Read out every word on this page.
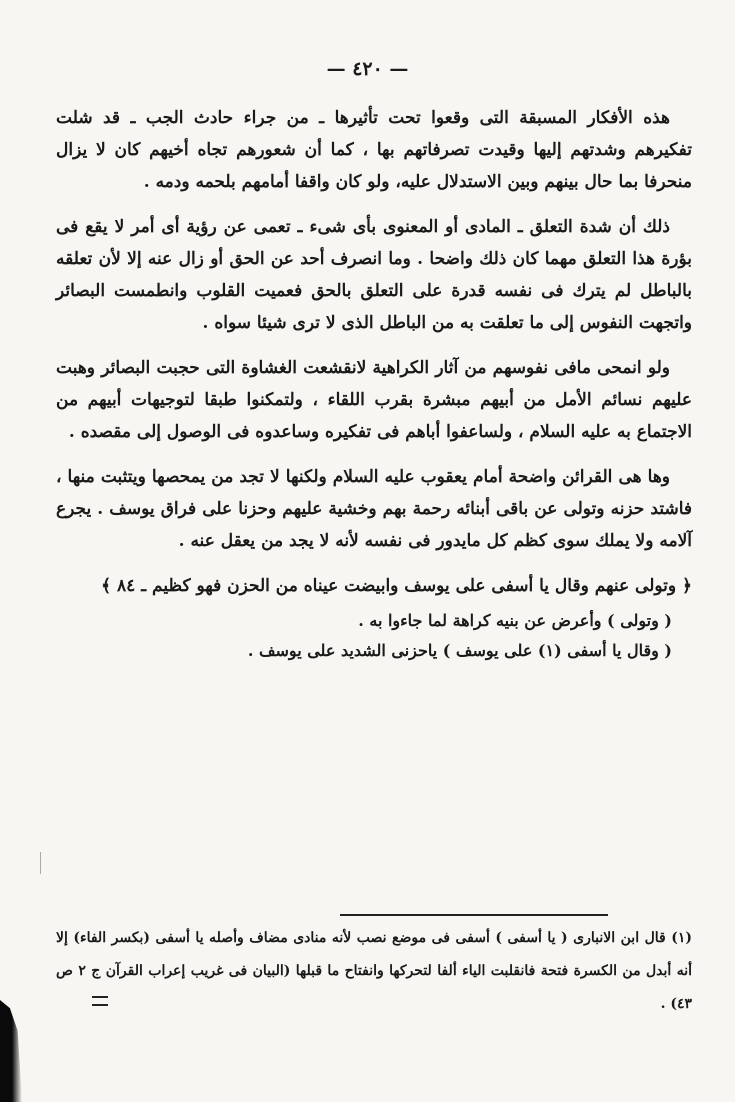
— ٤٢٠ —

هذه الأفكار المسبقة التى وقعوا تحت تأثيرها ـ من جراء حادث الجب ـ قد شلت تفكيرهم وشدتهم إليها وقيدت تصرفاتهم بها ، كما أن شعورهم تجاه أخيهم كان لا يزال منحرفا بما حال بينهم وبين الاستدلال عليه، ولو كان واقفا أمامهم بلحمه ودمه .

ذلك أن شدة التعلق ـ المادى أو المعنوى بأى شىء ـ تعمى عن رؤية أى أمر لا يقع فى بؤرة هذا التعلق مهما كان ذلك واضحا . وما انصرف أحد عن الحق أو زال عنه إلا لأن تعلقه بالباطل لم يترك فى نفسه قدرة على التعلق بالحق فعميت القلوب وانطمست البصائر واتجهت النفوس إلى ما تعلقت به من الباطل الذى لا ترى شيئا سواه .

ولو انمحى مافى نفوسهم من آثار الكراهية لانقشعت الغشاوة التى حجبت البصائر وهبت عليهم نسائم الأمل من أبيهم مبشرة بقرب اللقاء ، ولتمكنوا طبقا لتوجيهات أبيهم من الاجتماع به عليه السلام ، ولساعفوا أباهم فى تفكيره وساعدوه فى الوصول إلى مقصده .

وها هى القرائن واضحة أمام يعقوب عليه السلام ولكنها لا تجد من يمحصها ويتثبت منها ، فاشتد حزنه وتولى عن باقى أبنائه رحمة بهم وخشية عليهم وحزنا على فراق يوسف . يجرع آلامه ولا يملك سوى كظم كل مايدور فى نفسه لأنه لا يجد من يعقل عنه .

﴿ وتولى عنهم وقال يا أسفى على يوسف وابيضت عيناه من الحزن فهو كظيم ـ ٨٤ ﴾

( وتولى ) وأعرض عن بنيه كراهة لما جاءوا به .

( وقال يا أسفى (١) على يوسف ) ياحزنى الشديد على يوسف .

(١) قال ابن الانبارى ( يا أسفى ) أسفى فى موضع نصب لأنه منادى مضاف وأصله يا أسفى (بكسر الفاء) إلا أنه أبدل من الكسرة فتحة فانقلبت الياء ألفا لتحركها وانفتاح ما قبلها (البيان فى غريب إعراب القرآن ج ٢ ص ٤٣) .
